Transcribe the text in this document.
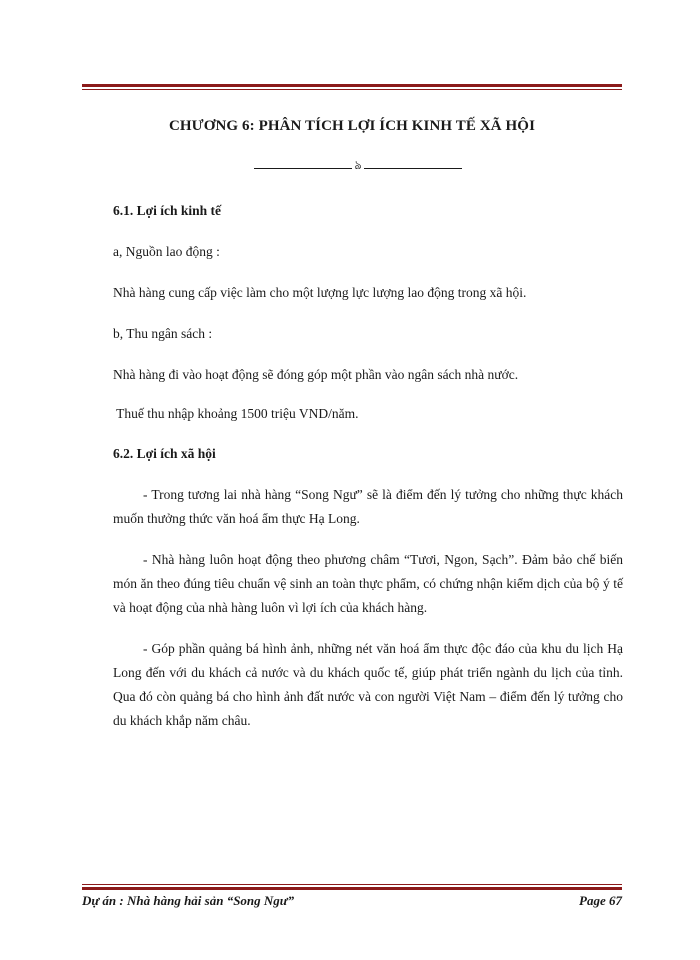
CHƯƠNG 6: PHÂN TÍCH LỢI ÍCH KINH TẾ XÃ HỘI
ঌ

6.1. Lợi ích kinh tế

a, Nguồn lao động :

Nhà hàng cung cấp việc làm cho một lượng lực lượng lao động trong xã hội.

b, Thu ngân sách :

Nhà hàng đi vào hoạt động sẽ đóng góp một phần vào ngân sách nhà nước.

Thuế thu nhập khoảng 1500 triệu VND/năm.

6.2. Lợi ích xã hội

- Trong tương lai nhà hàng “Song Ngư” sẽ là điểm đến lý tưởng cho những thực khách muốn thưởng thức văn hoá ẩm thực Hạ Long.

- Nhà hàng luôn hoạt động theo phương châm “Tươi, Ngon, Sạch”. Đảm bảo chế biến món ăn theo đúng tiêu chuẩn vệ sinh an toàn thực phẩm, có chứng nhận kiểm dịch của bộ ý tế và hoạt động của nhà hàng luôn vì lợi ích của khách hàng.

- Góp phần quảng bá hình ảnh, những nét văn hoá ẩm thực độc đáo của khu du lịch Hạ Long đến với du khách cả nước và du khách quốc tế, giúp phát triển ngành du lịch của tỉnh. Qua đó còn quảng bá cho hình ảnh đất nước và con người Việt Nam – điểm đến lý tưởng cho du khách khắp năm châu.

Dự án : Nhà hàng hải sản “Song Ngư”	Page 67
